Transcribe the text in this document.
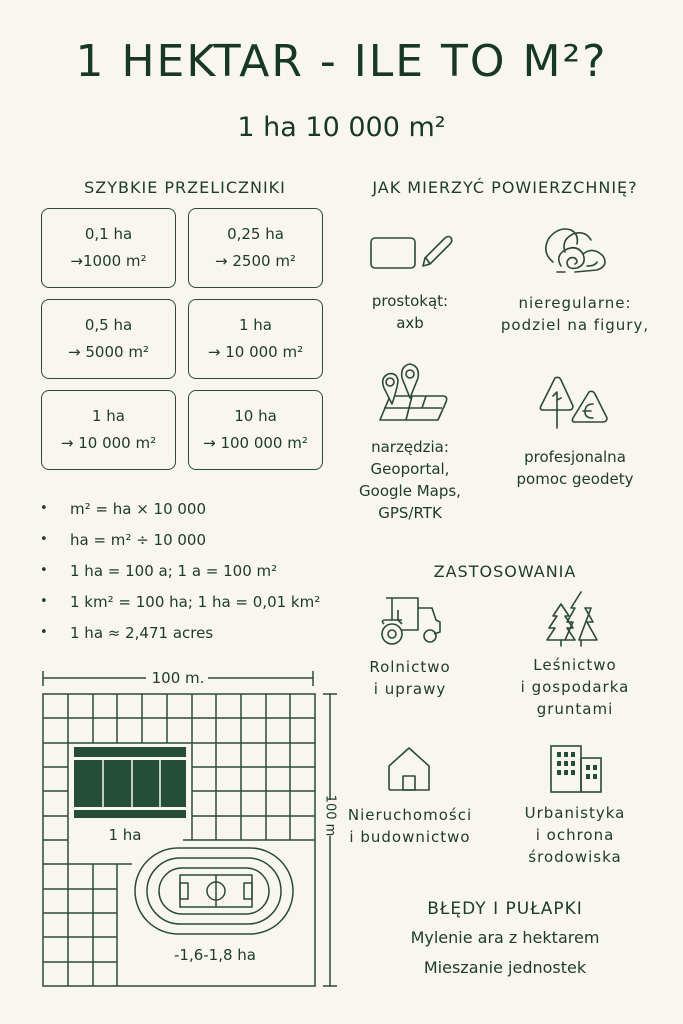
1 HEKTAR - ILE TO M²?
1 ha 10 000 m²
SZYBKIE PRZELICZNIKI
0,1 ha
→1000 m²
0,25 ha
→ 2500 m²
0,5 ha
→ 5000 m²
1 ha
→ 10 000 m²
1 ha
→ 10 000 m²
10 ha
→ 100 000 m²
• m² = ha × 10 000
• ha = m² ÷ 10 000
• 1 ha = 100 a; 1 a = 100 m²
• 1 km² = 100 ha; 1 ha = 0,01 km²
• 1 ha ≈ 2,471 acres
100 m.
100 m
1 ha
-1,6-1,8 ha
JAK MIERZYĆ POWIERZCHNIĘ?
prostokąt:
axb
nieregularne:
podziel na figury,
narzędzia:
Geoportal,
Google Maps,
GPS/RTK
profesjonalna
pomoc geodety
ZASTOSOWANIA
Rolnictwo
i uprawy
Leśnictwo
i gospodarka
gruntami
Nieruchomości
i budownictwo
Urbanistyka
i ochrona
środowiska
BŁĘDY I PUŁAPKI
Mylenie ara z hektarem
Mieszanie jednostek
